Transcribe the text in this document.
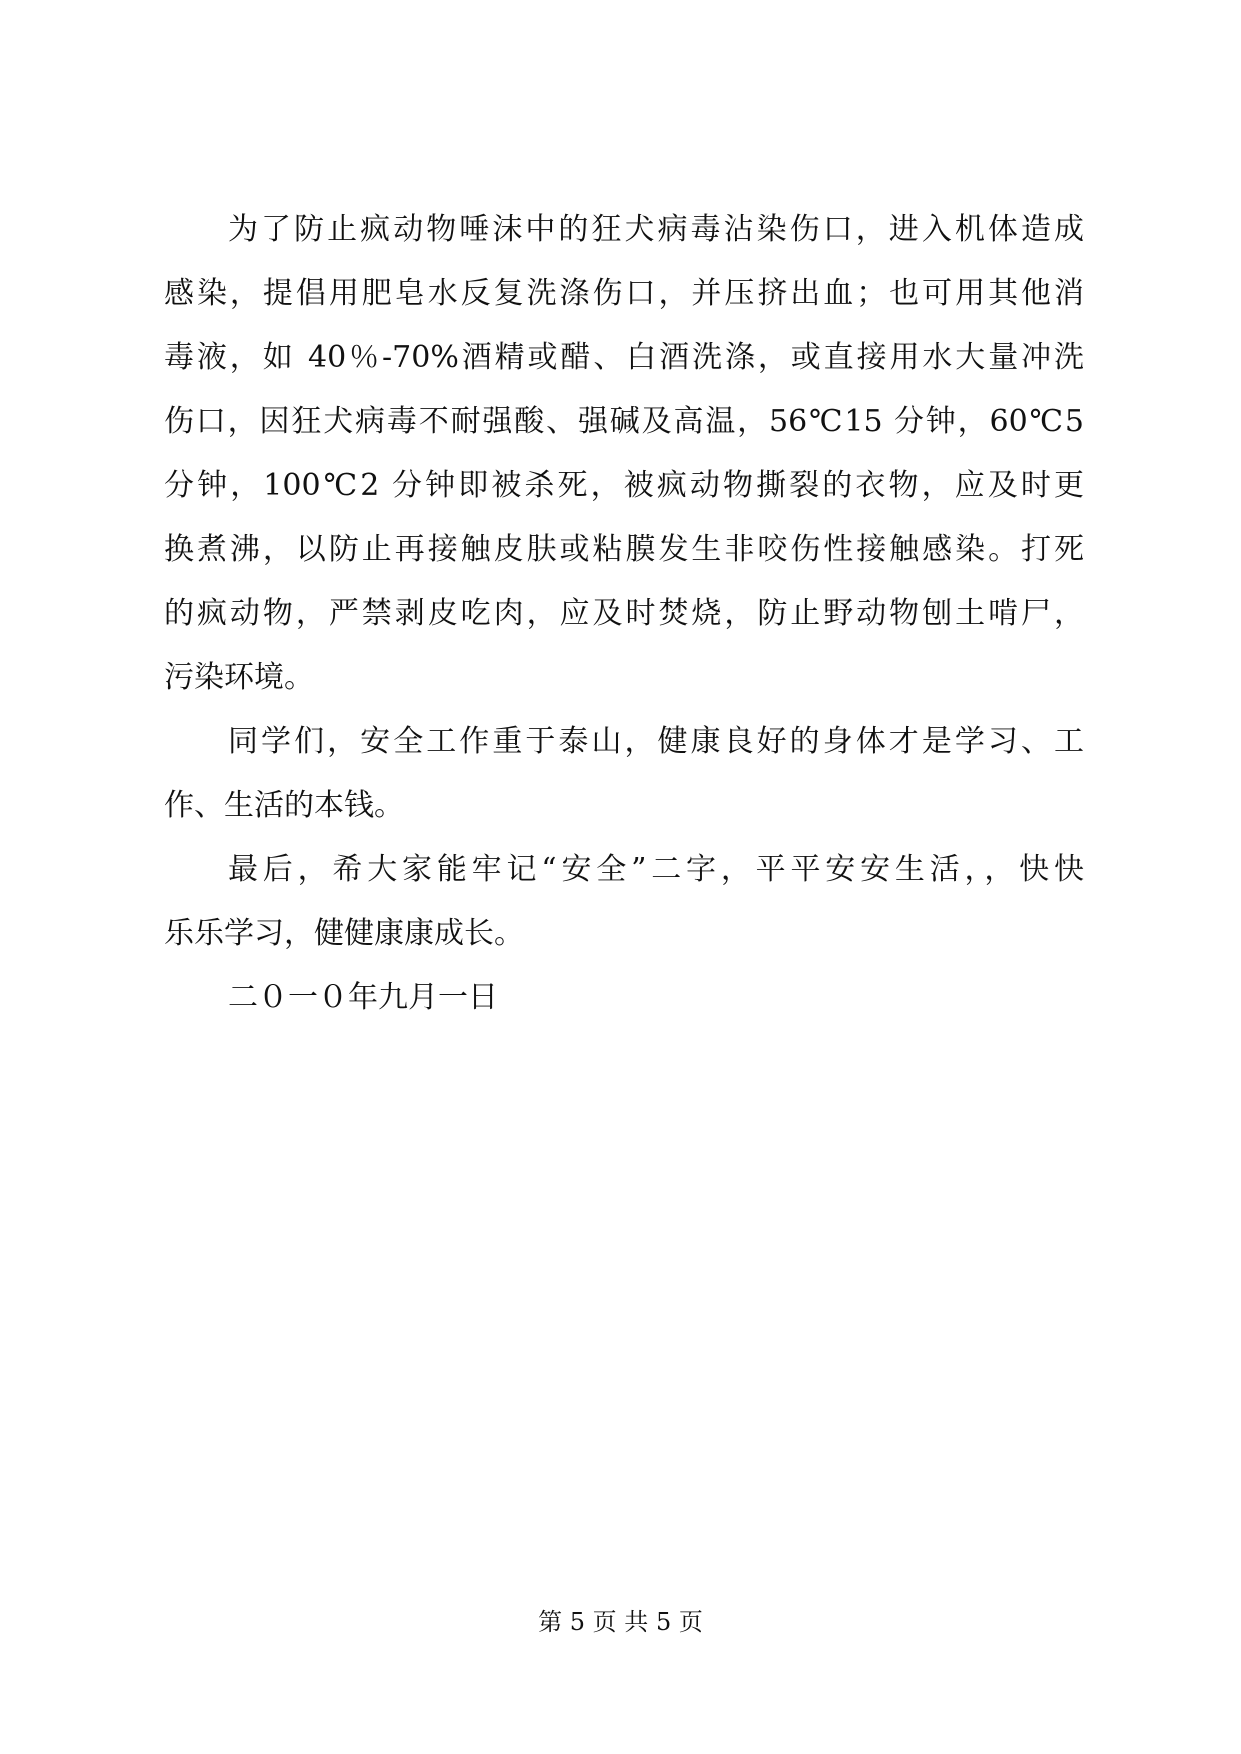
为了防止疯动物唾沫中的狂犬病毒沾染伤口，进入机体造成
感染，提倡用肥皂水反复洗涤伤口，并压挤出血；也可用其他消
毒液，如 40％-70%酒精或醋、白酒洗涤，或直接用水大量冲洗
伤口，因狂犬病毒不耐强酸、强碱及高温，56℃15 分钟，60℃5
分钟，100℃2 分钟即被杀死，被疯动物撕裂的衣物，应及时更
换煮沸，以防止再接触皮肤或粘膜发生非咬伤性接触感染。打死
的疯动物，严禁剥皮吃肉，应及时焚烧，防止野动物刨土啃尸，
污染环境。
同学们，安全工作重于泰山，健康良好的身体才是学习、工
作、生活的本钱。
最后，希大家能牢记“安全”二字，平平安安生活，，快快
乐乐学习，健健康康成长。
二０一０年九月一日
第 5 页 共 5 页
